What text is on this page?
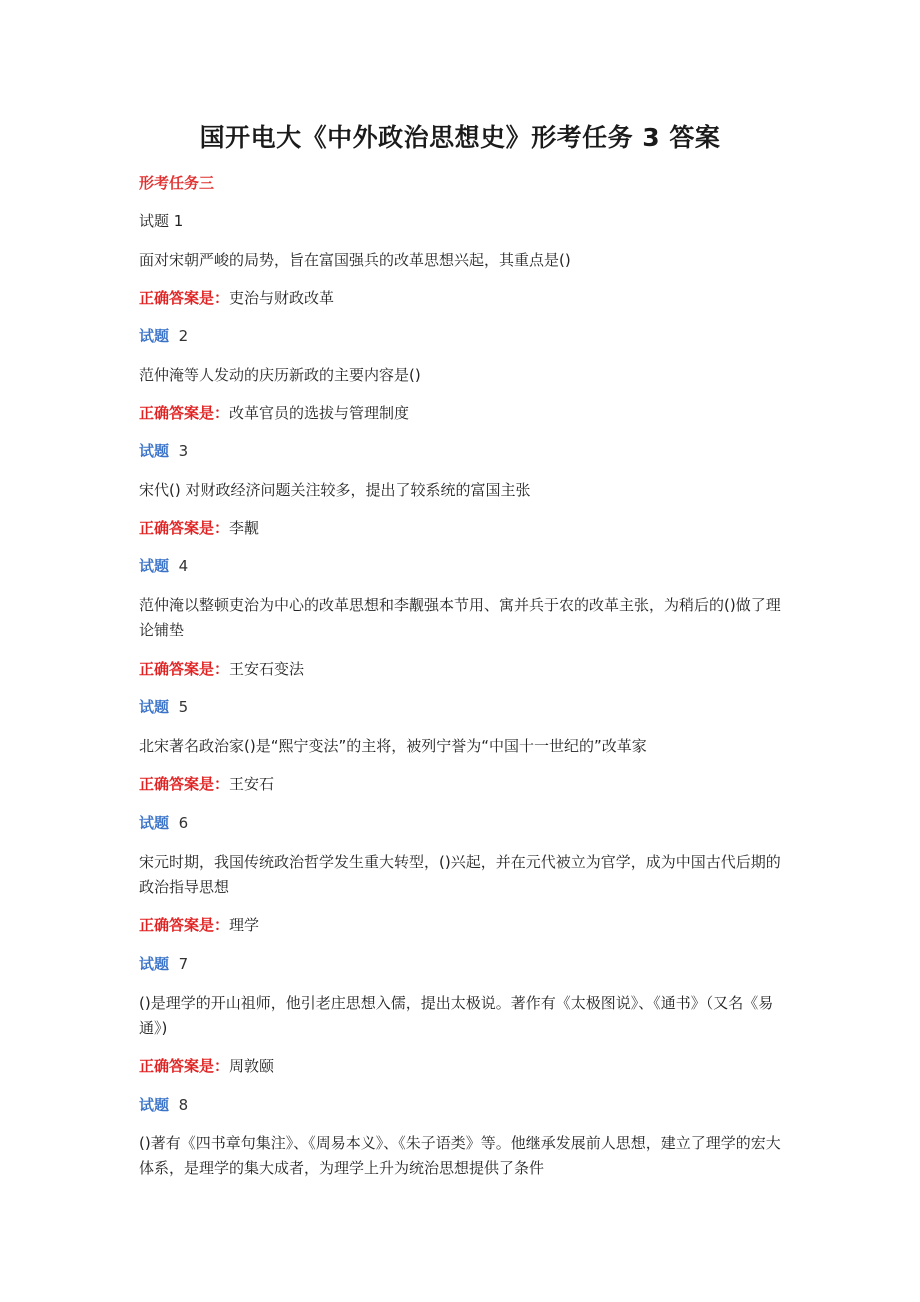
国开电大《中外政治思想史》形考任务 3 答案
形考任务三
试题 1
面对宋朝严峻的局势，旨在富国强兵的改革思想兴起，其重点是()
正确答案是：吏治与财政改革
试题 2
范仲淹等人发动的庆历新政的主要内容是()
正确答案是：改革官员的选拔与管理制度
试题 3
宋代() 对财政经济问题关注较多，提出了较系统的富国主张
正确答案是：李觏
试题 4
范仲淹以整顿吏治为中心的改革思想和李觏强本节用、寓并兵于农的改革主张，为稍后的()做了理论铺垫
正确答案是：王安石变法
试题 5
北宋著名政治家()是“熙宁变法”的主将，被列宁誉为“中国十一世纪的”改革家
正确答案是：王安石
试题 6
宋元时期，我国传统政治哲学发生重大转型，()兴起，并在元代被立为官学，成为中国古代后期的政治指导思想
正确答案是：理学
试题 7
()是理学的开山祖师，他引老庄思想入儒，提出太极说。著作有《太极图说》、《通书》（又名《易通》)
正确答案是：周敦颐
试题 8
()著有《四书章句集注》、《周易本义》、《朱子语类》等。他继承发展前人思想，建立了理学的宏大体系，是理学的集大成者，为理学上升为统治思想提供了条件
